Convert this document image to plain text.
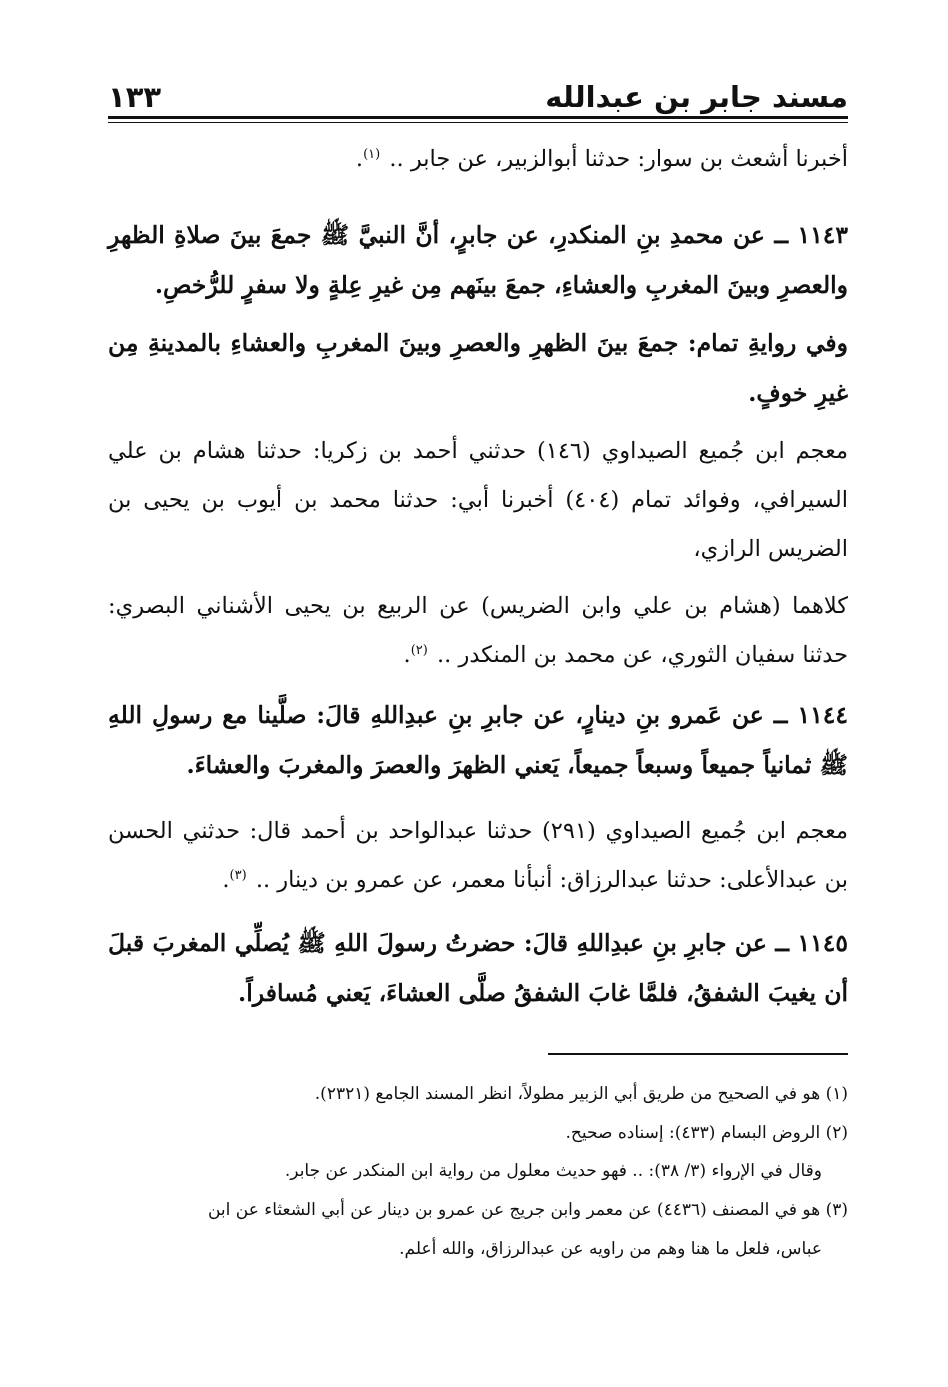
مسند جابر بن عبدالله
١٣٣

أخبرنا أشعث بن سوار: حدثنا أبوالزبير، عن جابر .. $^{(١)}$.

١١٤٣ ــ عن محمدِ بنِ المنكدرِ، عن جابرٍ، أنَّ النبيَّ ﷺ جمعَ بينَ صلاةِ الظهرِ والعصرِ وبينَ المغربِ والعشاءِ، جمعَ بينَهم مِن غيرِ عِلةٍ ولا سفرٍ للرُّخصِ.

وفي روايةِ تمام: جمعَ بينَ الظهرِ والعصرِ وبينَ المغربِ والعشاءِ بالمدينةِ مِن غيرِ خوفٍ.

معجم ابن جُميع الصيداوي (١٤٦) حدثني أحمد بن زكريا: حدثنا هشام بن علي السيرافي، وفوائد تمام (٤٠٤) أخبرنا أبي: حدثنا محمد بن أيوب بن يحيى بن الضريس الرازي،

كلاهما (هشام بن علي وابن الضريس) عن الربيع بن يحيى الأشناني البصري: حدثنا سفيان الثوري، عن محمد بن المنكدر .. $^{(٢)}$.

١١٤٤ ــ عن عَمرو بنِ دينارٍ، عن جابرِ بنِ عبدِاللهِ قالَ: صلَّينا مع رسولِ اللهِ ﷺ ثمانياً جميعاً وسبعاً جميعاً، يَعني الظهرَ والعصرَ والمغربَ والعشاءَ.

معجم ابن جُميع الصيداوي (٢٩١) حدثنا عبدالواحد بن أحمد قال: حدثني الحسن بن عبدالأعلى: حدثنا عبدالرزاق: أنبأنا معمر، عن عمرو بن دينار .. $^{(٣)}$.

١١٤٥ ــ عن جابرِ بنِ عبدِاللهِ قالَ: حضرتُ رسولَ اللهِ ﷺ يُصلِّي المغربَ قبلَ أن يغيبَ الشفقُ، فلمَّا غابَ الشفقُ صلَّى العشاءَ، يَعني مُسافراً.

(١) هو في الصحيح من طريق أبي الزبير مطولاً، انظر المسند الجامع (٢٣٢١).

(٢) الروض البسام (٤٣٣): إسناده صحيح.

وقال في الإرواء (٣/ ٣٨): .. فهو حديث معلول من رواية ابن المنكدر عن جابر.

(٣) هو في المصنف (٤٤٣٦) عن معمر وابن جريج عن عمرو بن دينار عن أبي الشعثاء عن ابن

عباس، فلعل ما هنا وهم من راويه عن عبدالرزاق، والله أعلم.
